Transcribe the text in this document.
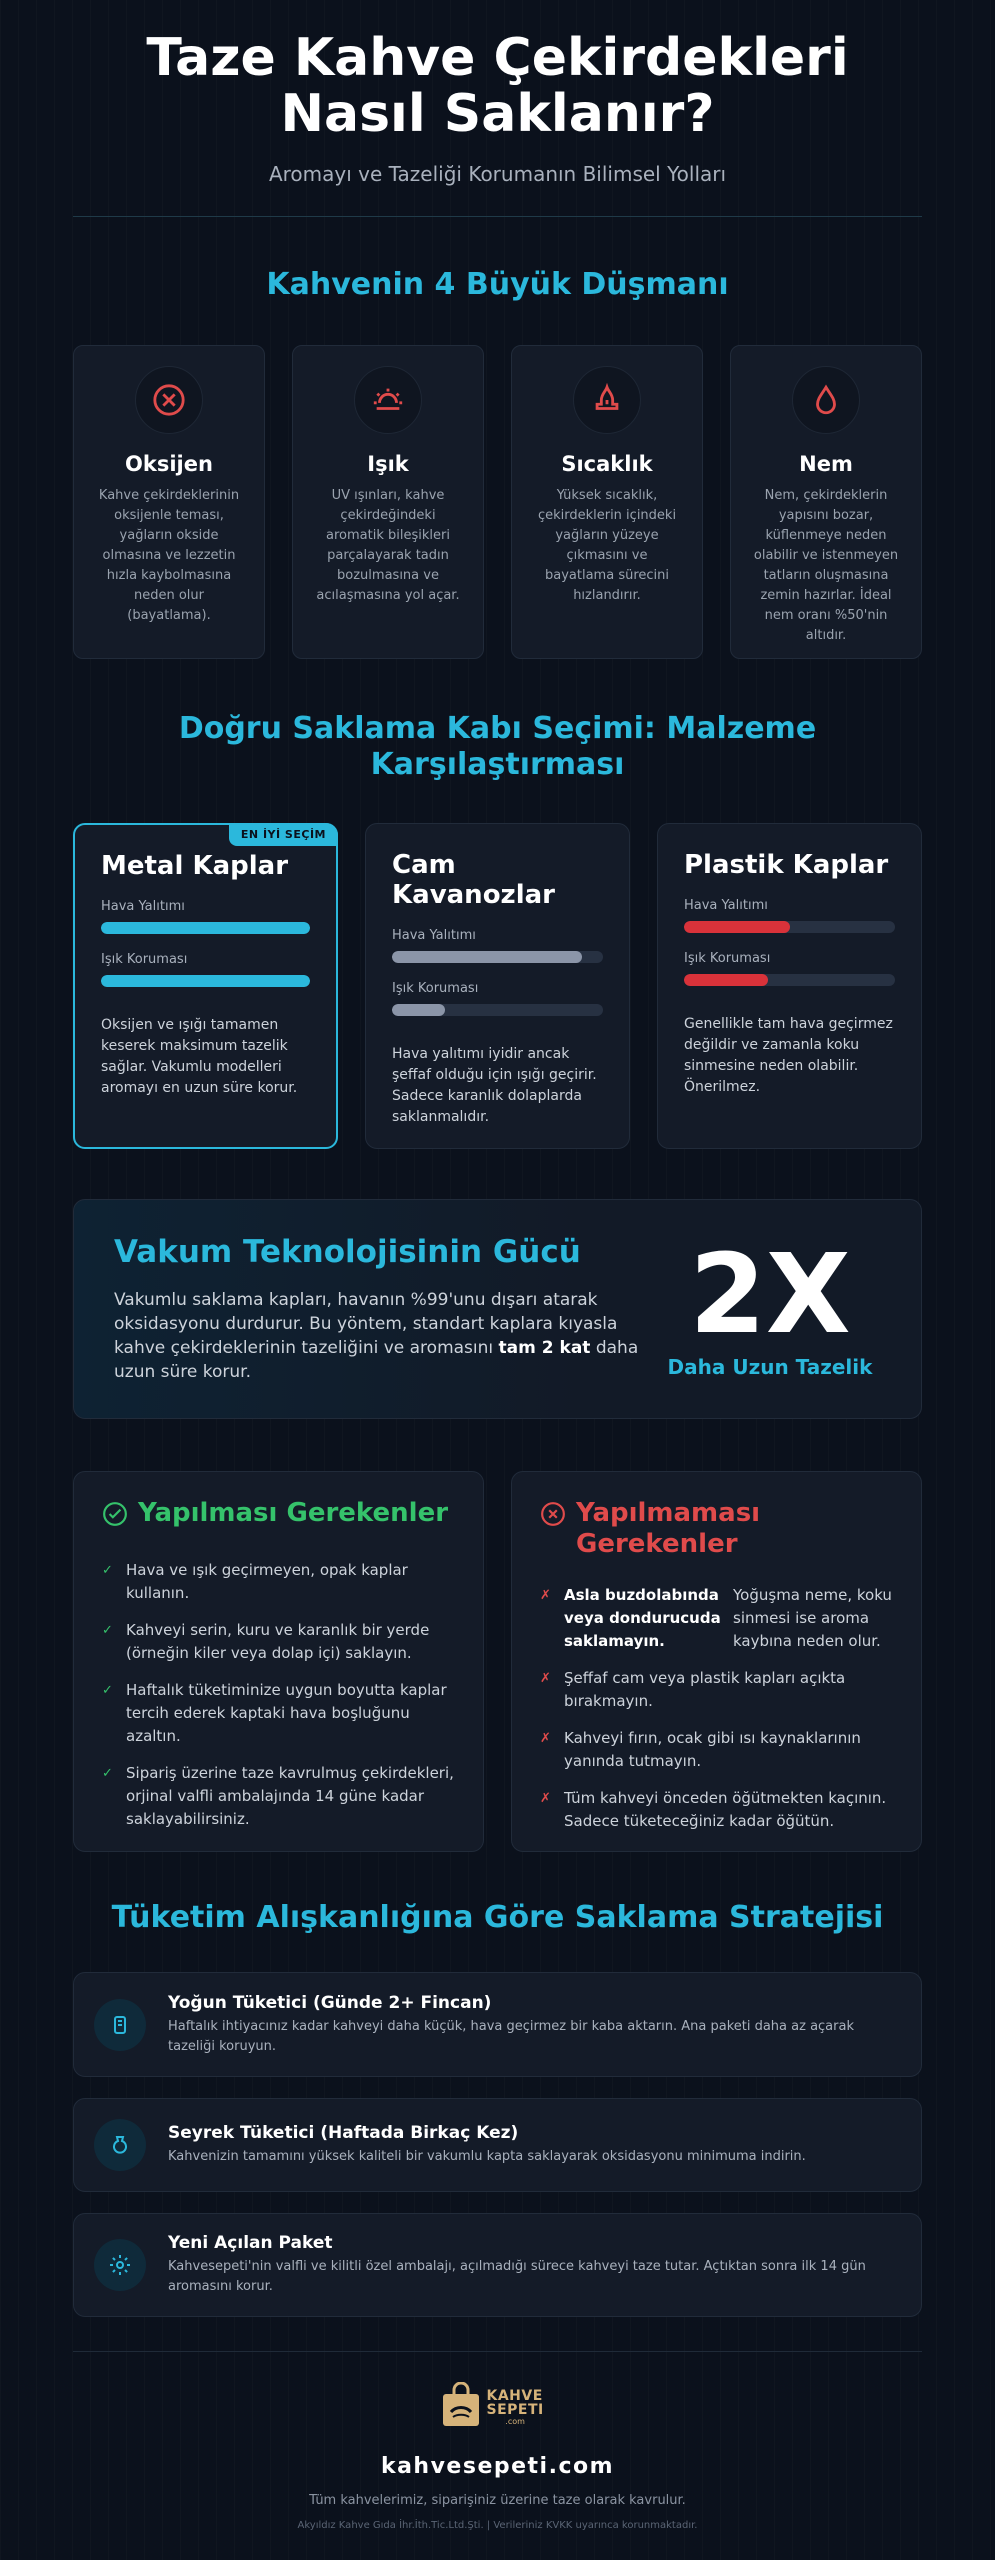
Taze Kahve Çekirdekleri Nasıl Saklanır?
Aromayı ve Tazeliği Korumanın Bilimsel Yolları
Kahvenin 4 Büyük Düşmanı
Oksijen

Kahve çekirdeklerinin oksijenle teması, yağların okside olmasına ve lezzetin hızla kaybolmasına neden olur (bayatlama).

Işık

UV ışınları, kahve çekirdeğindeki aromatik bileşikleri parçalayarak tadın bozulmasına ve acılaşmasına yol açar.

Sıcaklık

Yüksek sıcaklık, çekirdeklerin içindeki yağların yüzeye çıkmasını ve bayatlama sürecini hızlandırır.

Nem

Nem, çekirdeklerin yapısını bozar, küflenmeye neden olabilir ve istenmeyen tatların oluşmasına zemin hazırlar. İdeal nem oranı %50'nin altıdır.

Doğru Saklama Kabı Seçimi: Malzeme Karşılaştırması
EN İYİ SEÇİM
Metal Kaplar
Hava Yalıtımı
Işık Koruması

Oksijen ve ışığı tamamen keserek maksimum tazelik sağlar. Vakumlu modelleri aromayı en uzun süre korur.

Cam Kavanozlar
Hava Yalıtımı
Işık Koruması

Hava yalıtımı iyidir ancak şeffaf olduğu için ışığı geçirir. Sadece karanlık dolaplarda saklanmalıdır.

Plastik Kaplar
Hava Yalıtımı
Işık Koruması

Genellikle tam hava geçirmez değildir ve zamanla koku sinmesine neden olabilir. Önerilmez.

Vakum Teknolojisinin Gücü

Vakumlu saklama kapları, havanın %99'unu dışarı atarak oksidasyonu durdurur. Bu yöntem, standart kaplara kıyasla kahve çekirdeklerinin tazeliğini ve aromasını tam 2 kat daha uzun süre korur.

2X
Daha Uzun Tazelik
Yapılması Gerekenler
✓ Hava ve ışık geçirmeyen, opak kaplar kullanın.
✓ Kahveyi serin, kuru ve karanlık bir yerde (örneğin kiler veya dolap içi) saklayın.
✓ Haftalık tüketiminize uygun boyutta kaplar tercih ederek kaptaki hava boşluğunu azaltın.
✓ Sipariş üzerine taze kavrulmuş çekirdekleri, orjinal valfli ambalajında 14 güne kadar saklayabilirsiniz.
Yapılmaması Gerekenler
✗ Asla buzdolabında veya dondurucuda saklamayın.
Yoğuşma neme, koku sinmesi ise aroma kaybına neden olur.
✗ Şeffaf cam veya plastik kapları açıkta bırakmayın.
✗ Kahveyi fırın, ocak gibi ısı kaynaklarının yanında tutmayın.
✗ Tüm kahveyi önceden öğütmekten kaçının. Sadece tüketeceğiniz kadar öğütün.
Tüketim Alışkanlığına Göre Saklama Stratejisi
Yoğun Tüketici (Günde 2+ Fincan)

Haftalık ihtiyacınız kadar kahveyi daha küçük, hava geçirmez bir kaba aktarın. Ana paketi daha az açarak tazeliği koruyun.

Seyrek Tüketici (Haftada Birkaç Kez)

Kahvenizin tamamını yüksek kaliteli bir vakumlu kapta saklayarak oksidasyonu minimuma indirin.

Yeni Açılan Paket

Kahvesepeti'nin valfli ve kilitli özel ambalajı, açılmadığı sürece kahveyi taze tutar. Açtıktan sonra ilk 14 gün aromasını korur.

KAHVE
SEPETI
.com
kahvesepeti.com
Tüm kahvelerimiz, siparişiniz üzerine taze olarak kavrulur.
Akyıldız Kahve Gıda İhr.İth.Tic.Ltd.Şti. | Verileriniz KVKK uyarınca korunmaktadır.
